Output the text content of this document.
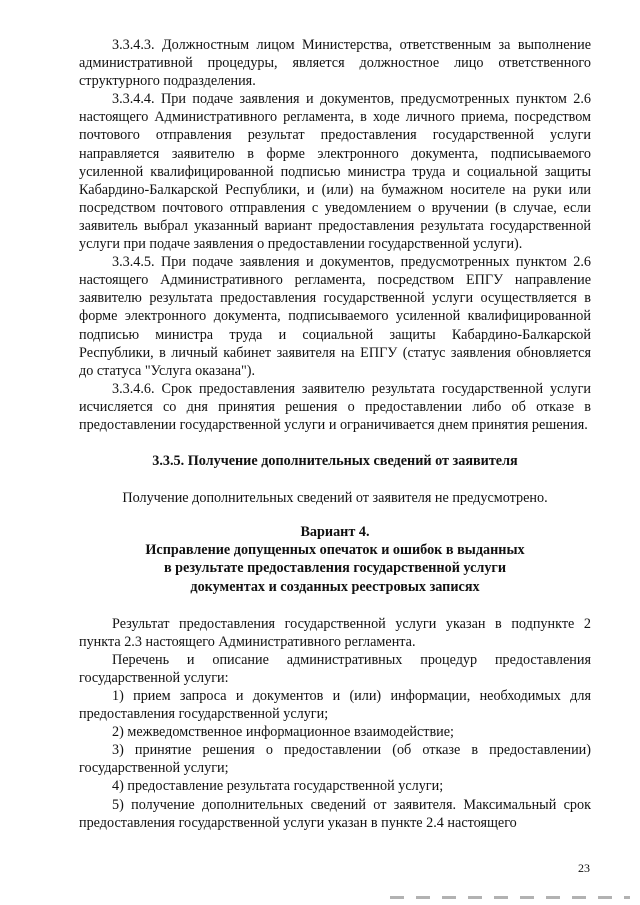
3.3.4.3. Должностным лицом Министерства, ответственным за выполнение административной процедуры, является должностное лицо ответственного структурного подразделения.

3.3.4.4. При подаче заявления и документов, предусмотренных пунктом 2.6 настоящего Административного регламента, в ходе личного приема, посредством почтового отправления результат предоставления государственной услуги направляется заявителю в форме электронного документа, подписываемого усиленной квалифицированной подписью министра труда и социальной защиты Кабардино-Балкарской Республики, и (или) на бумажном носителе на руки или посредством почтового отправления с уведомлением о вручении (в случае, если заявитель выбрал указанный вариант предоставления результата государственной услуги при подаче заявления о предоставлении государственной услуги).

3.3.4.5. При подаче заявления и документов, предусмотренных пунктом 2.6 настоящего Административного регламента, посредством ЕПГУ направление заявителю результата предоставления государственной услуги осуществляется в форме электронного документа, подписываемого усиленной квалифицированной подписью министра труда и социальной защиты Кабардино-Балкарской Республики, в личный кабинет заявителя на ЕПГУ (статус заявления обновляется до статуса "Услуга оказана").

3.3.4.6. Срок предоставления заявителю результата государственной услуги исчисляется со дня принятия решения о предоставлении либо об отказе в предоставлении государственной услуги и ограничивается днем принятия решения.

3.3.5. Получение дополнительных сведений от заявителя

Получение дополнительных сведений от заявителя не предусмотрено.

Вариант 4.
Исправление допущенных опечаток и ошибок в выданных
в результате предоставления государственной услуги
документах и созданных реестровых записях

Результат предоставления государственной услуги указан в подпункте 2 пункта 2.3 настоящего Административного регламента.

Перечень и описание административных процедур предоставления государственной услуги:

1) прием запроса и документов и (или) информации, необходимых для предоставления государственной услуги;

2) межведомственное информационное взаимодействие;

3) принятие решения о предоставлении (об отказе в предоставлении) государственной услуги;

4) предоставление результата государственной услуги;

5) получение дополнительных сведений от заявителя. Максимальный срок предоставления государственной услуги указан в пункте 2.4 настоящего

23
